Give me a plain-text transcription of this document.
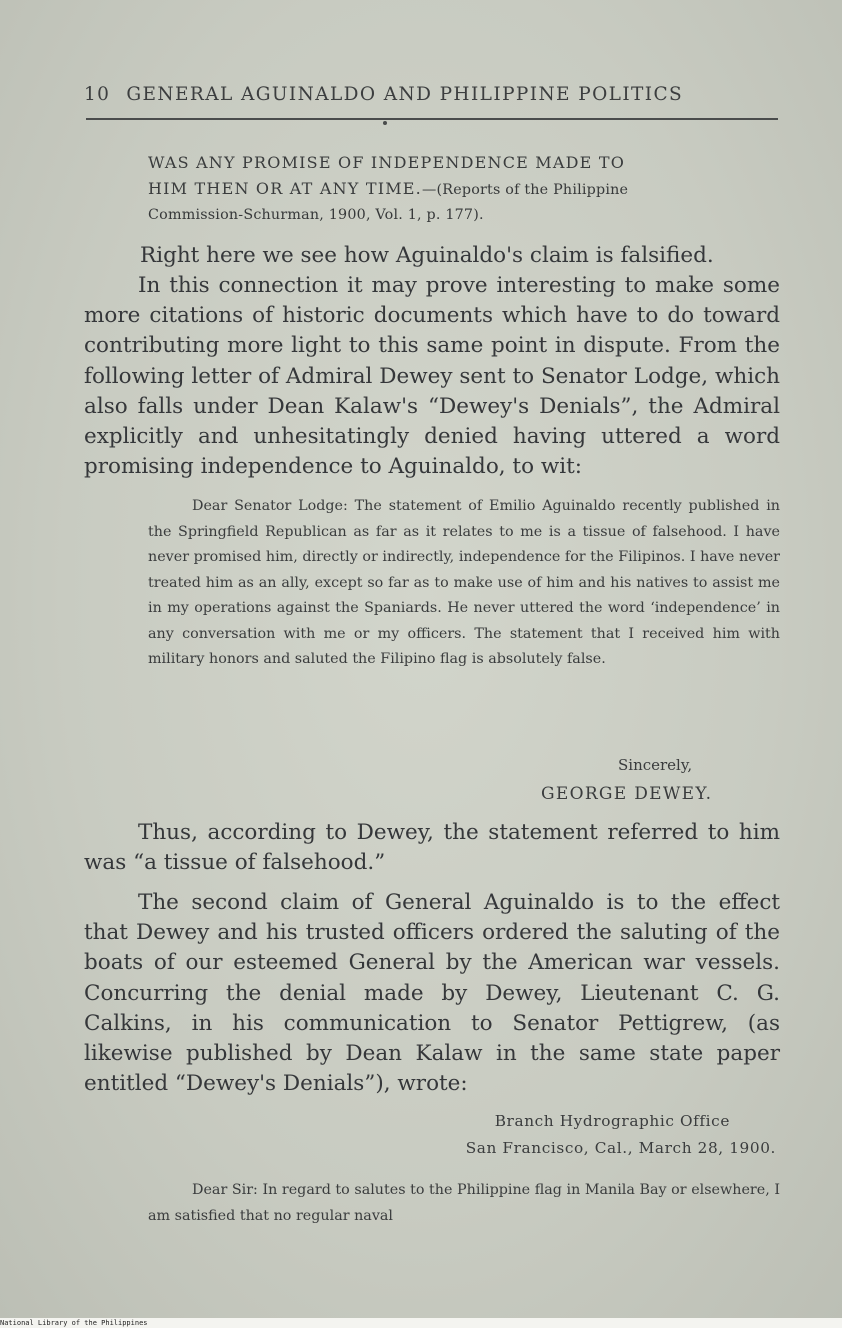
10 GENERAL AGUINALDO AND PHILIPPINE POLITICS
WAS ANY PROMISE OF INDEPENDENCE MADE TO
HIM THEN OR AT ANY TIME.—(Reports of the Philippine
Commission-Schurman, 1900, Vol. 1, p. 177).

Right here we see how Aguinaldo's claim is falsified.

In this connection it may prove interesting to make some more citations of historic documents which have to do toward contributing more light to this same point in dispute. From the following letter of Admiral Dewey sent to Senator Lodge, which also falls under Dean Kalaw's “Dewey's Denials”, the Admiral explicitly and unhesitatingly denied having uttered a word promising independence to Aguinaldo, to wit:

Dear Senator Lodge: The statement of Emilio Aguinaldo recently published in the Springfield Republican as far as it relates to me is a tissue of falsehood. I have never promised him, directly or indirectly, independence for the Filipinos. I have never treated him as an ally, except so far as to make use of him and his natives to assist me in my operations against the Spaniards. He never uttered the word ‘independence’ in any conversation with me or my officers. The statement that I received him with military honors and saluted the Filipino flag is absolutely false.

Sincerely,
GEORGE DEWEY.

Thus, according to Dewey, the statement referred to him was “a tissue of falsehood.”

The second claim of General Aguinaldo is to the effect that Dewey and his trusted officers ordered the saluting of the boats of our esteemed General by the American war vessels. Concurring the denial made by Dewey, Lieutenant C. G. Calkins, in his communication to Senator Pettigrew, (as likewise published by Dean Kalaw in the same state paper entitled “Dewey's Denials”), wrote:

Branch Hydrographic Office
San Francisco, Cal., March 28, 1900.

Dear Sir: In regard to salutes to the Philippine flag in Manila Bay or elsewhere, I am satisfied that no regular naval

National Library of the Philippines
